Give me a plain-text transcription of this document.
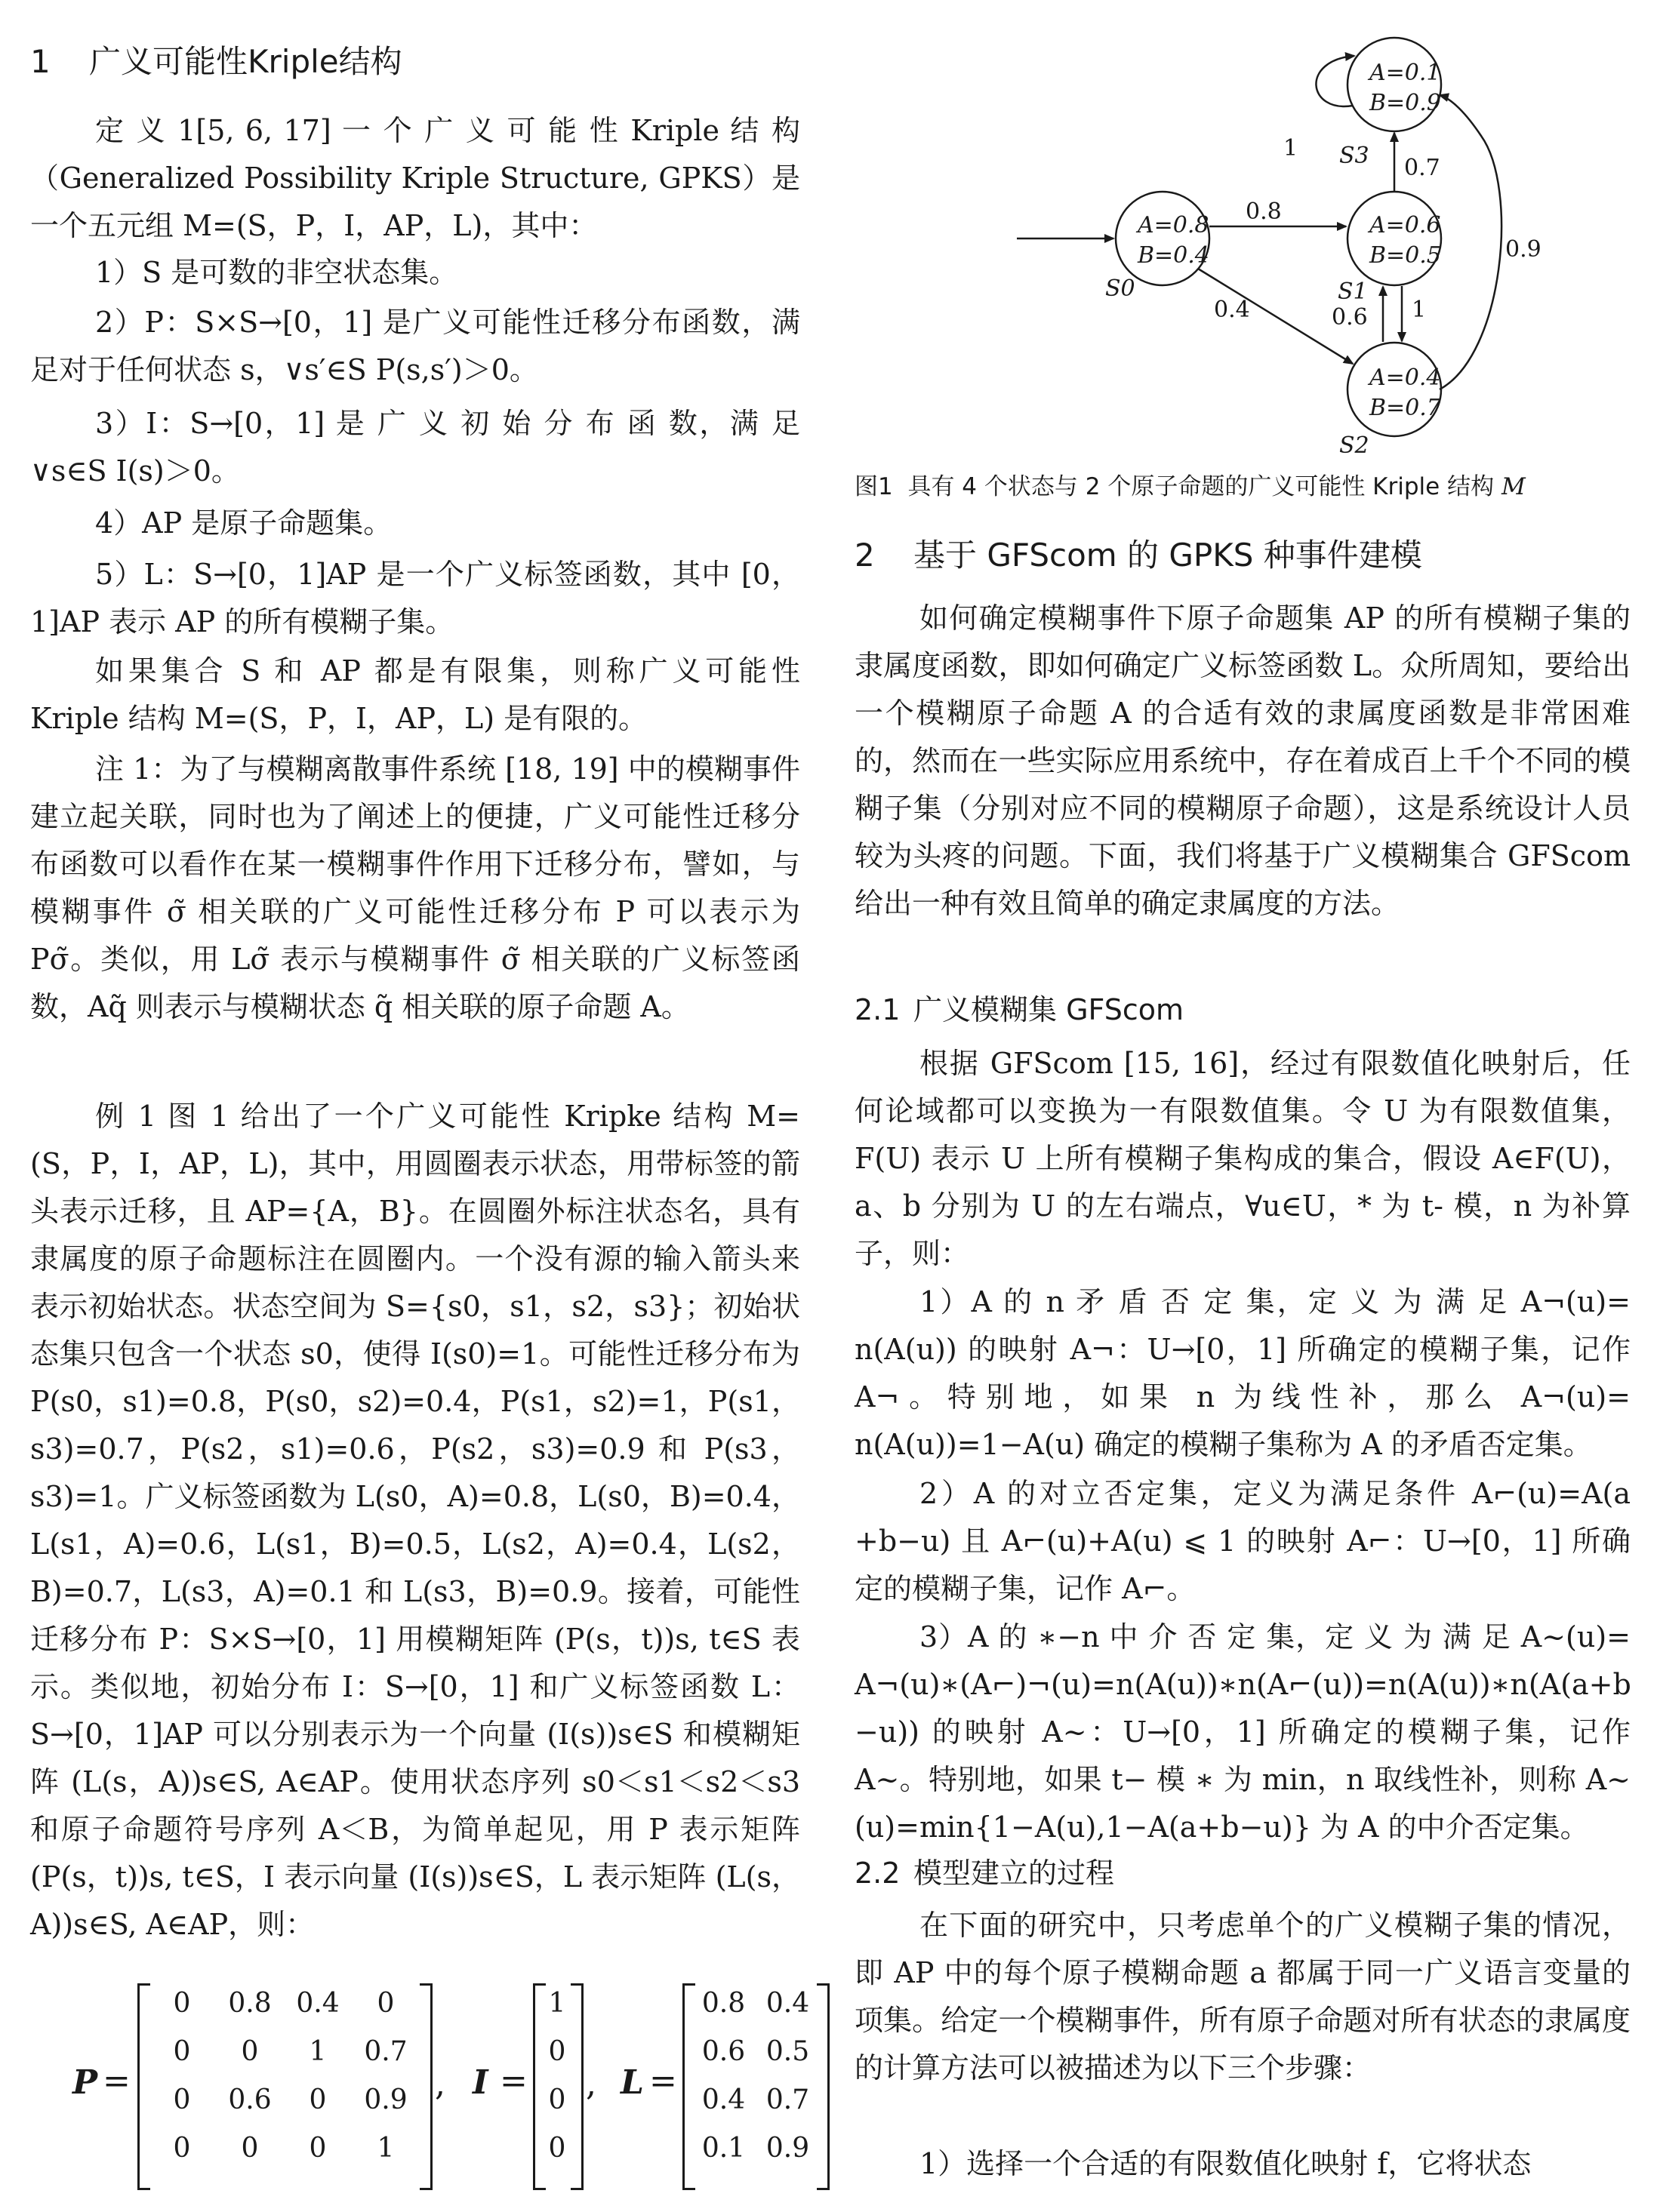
1 广义可能性Kriple结构

定 义 1[5, 6, 17] 一 个 广 义 可 能 性 Kriple 结 构（Generalized Possibility Kriple Structure, GPKS）是一个五元组 M=(S，P，I，AP，L)，其中：

1）S 是可数的非空状态集。

2）P：S×S→[0，1] 是广义可能性迁移分布函数，满足对于任何状态 s，∨s′∈S P(s,s′)＞0。

3）I：S→[0，1] 是 广 义 初 始 分 布 函 数，满 足 ∨s∈S I(s)＞0。

4）AP 是原子命题集。

5）L：S→[0，1]AP 是一个广义标签函数，其中 [0，1]AP 表示 AP 的所有模糊子集。

如果集合 S 和 AP 都是有限集，则称广义可能性 Kriple 结构 M=(S，P，I，AP，L) 是有限的。

注 1：为了与模糊离散事件系统 [18, 19] 中的模糊事件建立起关联，同时也为了阐述上的便捷，广义可能性迁移分布函数可以看作在某一模糊事件作用下迁移分布，譬如，与模糊事件 σ̃ 相关联的广义可能性迁移分布 P 可以表示为 Pσ̃。类似，用 Lσ̃ 表示与模糊事件 σ̃ 相关联的广义标签函数，Aq̃ 则表示与模糊状态 q̃ 相关联的原子命题 A。

例 1 图 1 给出了一个广义可能性 Kripke 结构 M=(S，P，I，AP，L)，其中，用圆圈表示状态，用带标签的箭头表示迁移，且 AP={A，B}。在圆圈外标注状态名，具有隶属度的原子命题标注在圆圈内。一个没有源的输入箭头来表示初始状态。状态空间为 S={s0，s1，s2，s3}；初始状态集只包含一个状态 s0，使得 I(s0)=1。可能性迁移分布为 P(s0，s1)=0.8，P(s0，s2)=0.4，P(s1，s2)=1，P(s1，s3)=0.7，P(s2，s1)=0.6，P(s2，s3)=0.9 和 P(s3，s3)=1。广义标签函数为 L(s0，A)=0.8，L(s0，B)=0.4，L(s1，A)=0.6，L(s1，B)=0.5，L(s2，A)=0.4，L(s2，B)=0.7，L(s3，A)=0.1 和 L(s3，B)=0.9。接着，可能性迁移分布 P：S×S→[0，1] 用模糊矩阵 (P(s，t))s, t∈S 表示。类似地，初始分布 I：S→[0，1] 和广义标签函数 L：S→[0，1]AP 可以分别表示为一个向量 (I(s))s∈S 和模糊矩阵 (L(s，A))s∈S, A∈AP。使用状态序列 s0＜s1＜s2＜s3 和原子命题符号序列 A＜B，为简单起见，用 P 表示矩阵 (P(s，t))s, t∈S，I 表示向量 (I(s))s∈S，L 表示矩阵 (L(s，A))s∈S, A∈AP，则：

P =
0	0.8 0.4	0
0	0	1	0.7
0	0.6	0	0.9
0	0	0	1
, I =
1
0
0
0
, L =
0.8 0.4
0.6 0.5
0.4 0.7
0.1 0.9
A=0.8
B=0.4
A=0.6
B=0.5
A=0.4
B=0.7
A=0.1
B=0.9
S0	S1
S2
S3
0.8
0.4	1
0.6
0.7
0.9
1
图1 具有 4 个状态与 2 个原子命题的广义可能性 Kriple 结构 M
2 基于 GFScom 的 GPKS 种事件建模

如何确定模糊事件下原子命题集 AP 的所有模糊子集的隶属度函数，即如何确定广义标签函数 L。众所周知，要给出一个模糊原子命题 A 的合适有效的隶属度函数是非常困难的，然而在一些实际应用系统中，存在着成百上千个不同的模糊子集（分别对应不同的模糊原子命题），这是系统设计人员较为头疼的问题。下面，我们将基于广义模糊集合 GFScom 给出一种有效且简单的确定隶属度的方法。

2.1 广义模糊集 GFScom

根据 GFScom [15, 16]，经过有限数值化映射后，任何论域都可以变换为一有限数值集。令 U 为有限数值集，F(U) 表示 U 上所有模糊子集构成的集合，假设 A∈F(U)，a、b 分别为 U 的左右端点，∀u∈U，* 为 t- 模，n 为补算子，则：

1）A 的 n 矛 盾 否 定 集，定 义 为 满 足 A¬(u)= n(A(u)) 的映射 A¬：U→[0，1] 所确定的模糊子集，记作 A¬。特别地，如果 n 为线性补，那么 A¬(u)= n(A(u))=1−A(u) 确定的模糊子集称为 A 的矛盾否定集。

2）A 的对立否定集，定义为满足条件 A⌐(u)=A(a +b−u) 且 A⌐(u)+A(u) ⩽ 1 的映射 A⌐：U→[0，1] 所确定的模糊子集，记作 A⌐。

3）A 的 ∗−n 中 介 否 定 集，定 义 为 满 足 A~(u)= A¬(u)∗(A⌐)¬(u)=n(A(u))∗n(A⌐(u))=n(A(u))∗n(A(a+b −u)) 的映射 A~：U→[0，1] 所确定的模糊子集，记作 A~。特别地，如果 t− 模 ∗ 为 min，n 取线性补，则称 A~(u)=min{1−A(u),1−A(a+b−u)} 为 A 的中介否定集。

2.2 模型建立的过程

在下面的研究中，只考虑单个的广义模糊子集的情况，即 AP 中的每个原子模糊命题 a 都属于同一广义语言变量的项集。给定一个模糊事件，所有原子命题对所有状态的隶属度的计算方法可以被描述为以下三个步骤：

1）选择一个合适的有限数值化映射 f，它将状态
